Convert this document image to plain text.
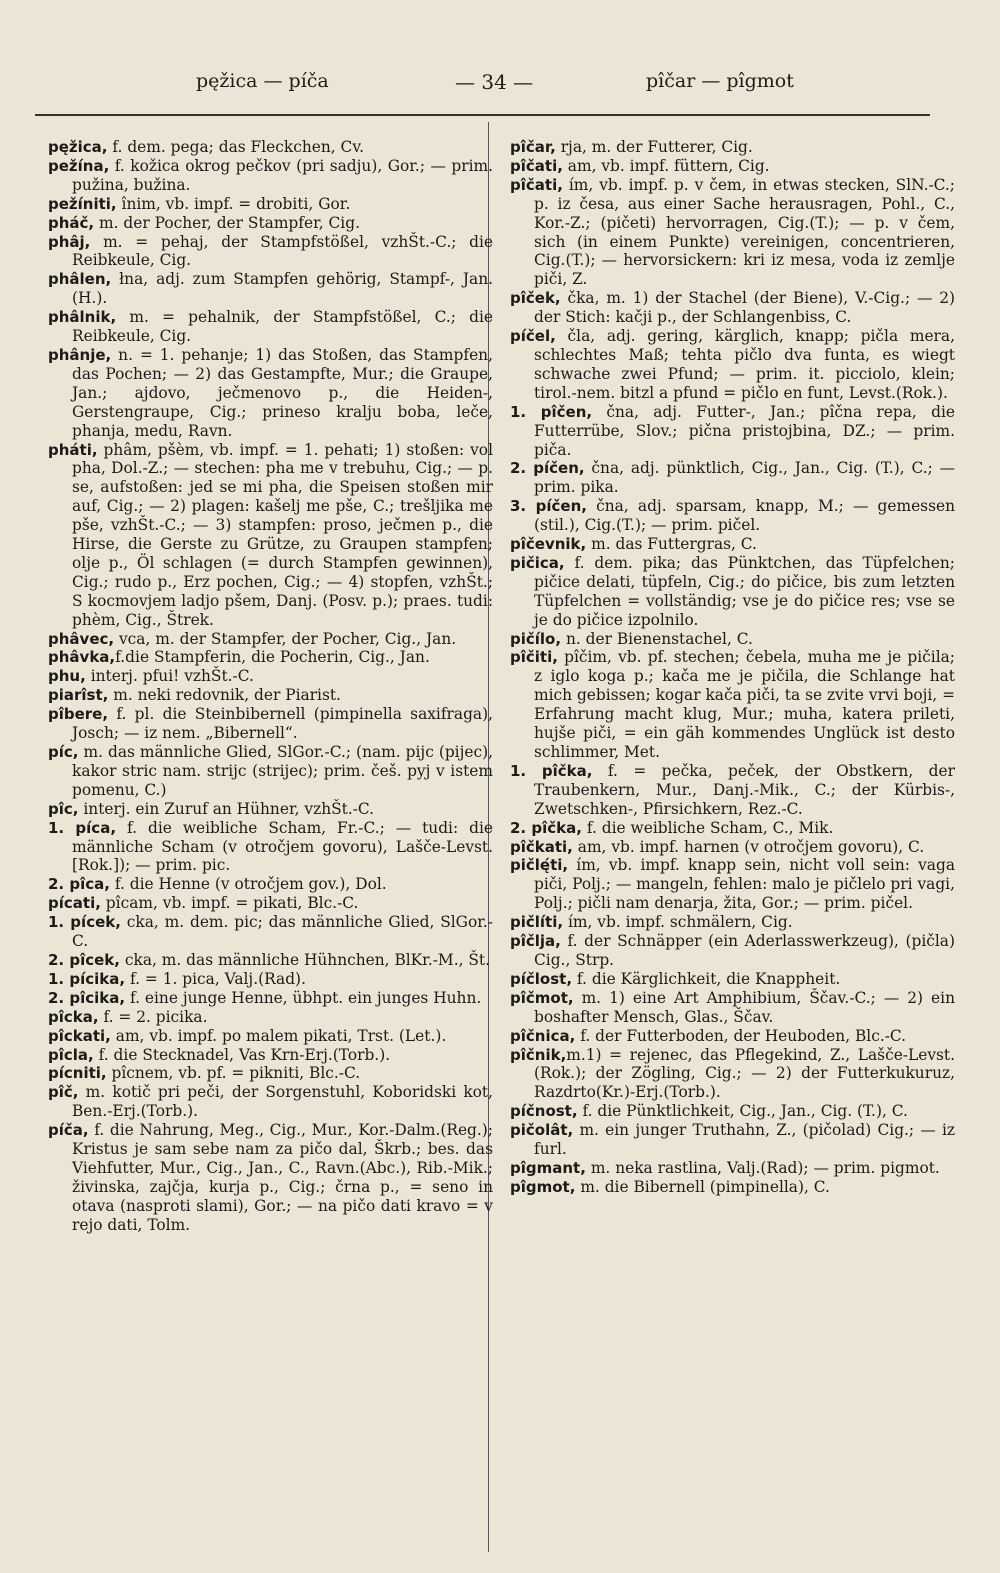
pęžica — píča	— 34 —	pîčar — pîgmot

pęžica, f. dem. pega; das Fleckchen, Cv.

pežína, f. kožica okrog pečkov (pri sadju), Gor.; — prim. pužina, bužina.

pežíniti, înim, vb. impf. = drobiti, Gor.

pháč, m. der Pocher, der Stampfer, Cig.

phâj, m. = pehaj, der Stampfstößel, vzhŠt.-C.; die Reibkeule, Cig.

phâlen, łna, adj. zum Stampfen gehörig, Stampf-, Jan.(H.).

phâlnik, m. = pehalnik, der Stampfstößel, C.; die Reibkeule, Cig.

phânje, n. = 1. pehanje; 1) das Stoßen, das Stampfen, das Pochen; — 2) das Gestampfte, Mur.; die Graupe, Jan.; ajdovo, ječmenovo p., die Heiden-, Gerstengraupe, Cig.; prineso kralju boba, leče, phanja, medu, Ravn.

pháti, phâm, pšèm, vb. impf. = 1. pehati; 1) stoßen: vol pha, Dol.-Z.; — stechen: pha me v trebuhu, Cig.; — p. se, aufstoßen: jed se mi pha, die Speisen stoßen mir auf, Cig.; — 2) plagen: kašelj me pše, C.; trešljika me pše, vzhŠt.-C.; — 3) stampfen: proso, ječmen p., die Hirse, die Gerste zu Grütze, zu Graupen stampfen; olje p., Öl schlagen (= durch Stampfen gewinnen), Cig.; rudo p., Erz pochen, Cig.; — 4) stopfen, vzhŠt.; S kocmovjem ladjo pšem, Danj. (Posv. p.); praes. tudi: phèm, Cig., Štrek.

phâvec, vca, m. der Stampfer, der Pocher, Cig., Jan.

phâvka,f.die Stampferin, die Pocherin, Cig., Jan.

phu, interj. pfui! vzhŠt.-C.

piarîst, m. neki redovnik, der Piarist.

pîbere, f. pl. die Steinbibernell (pimpinella saxifraga), Josch; — iz nem. „Bibernell“.

píc, m. das männliche Glied, SlGor.-C.; (nam. pijc (pijec), kakor stric nam. strijc (strijec); prim. češ. pyj v istem pomenu, C.)

pîc, interj. ein Zuruf an Hühner, vzhŠt.-C.

1. píca, f. die weibliche Scham, Fr.-C.; — tudi: die männliche Scham (v otročjem govoru), Lašče-Levst.[Rok.]); — prim. pic.

2. pîca, f. die Henne (v otročjem gov.), Dol.

pícati, pîcam, vb. impf. = pikati, Blc.-C.

1. pícek, cka, m. dem. pic; das männliche Glied, SlGor.-C.

2. pîcek, cka, m. das männliche Hühnchen, BlKr.-M., Št.

1. pícika, f. = 1. pica, Valj.(Rad).

2. pîcika, f. eine junge Henne, übhpt. ein junges Huhn.

pîcka, f. = 2. picika.

pîckati, am, vb. impf. po malem pikati, Trst. (Let.).

pîcla, f. die Stecknadel, Vas Krn-Erj.(Torb.).

pícniti, pîcnem, vb. pf. = pikniti, Blc.-C.

pîč, m. kotič pri peči, der Sorgenstuhl, Koboridski kot, Ben.-Erj.(Torb.).

píča, f. die Nahrung, Meg., Cig., Mur., Kor.-Dalm.(Reg.); Kristus je sam sebe nam za pičo dal, Škrb.; bes. das Viehfutter, Mur., Cig., Jan., C., Ravn.(Abc.), Rib.-Mik.; živinska, zajčja, kurja p., Cig.; črna p., = seno in otava (nasproti slami), Gor.; — na pičo dati kravo = v rejo dati, Tolm.

pîčar, rja, m. der Futterer, Cig.

pîčati, am, vb. impf. füttern, Cig.

pîčati, ím, vb. impf. p. v čem, in etwas stecken, SlN.-C.; p. iz česa, aus einer Sache herausragen, Pohl., C., Kor.-Z.; (pičeti) hervorragen, Cig.(T.); — p. v čem, sich (in einem Punkte) vereinigen, concentrieren, Cig.(T.); — hervorsickern: kri iz mesa, voda iz zemlje piči, Z.

pîček, čka, m. 1) der Stachel (der Biene), V.-Cig.; — 2) der Stich: kačji p., der Schlangenbiss, C.

píčel, čla, adj. gering, kärglich, knapp; pičla mera, schlechtes Maß; tehta pičlo dva funta, es wiegt schwache zwei Pfund; — prim. it. picciolo, klein; tirol.-nem. bitzl a pfund = pičlo en funt, Levst.(Rok.).

1. pîčen, čna, adj. Futter-, Jan.; pîčna repa, die Futterrübe, Slov.; pična pristojbina, DZ.; — prim. piča.

2. píčen, čna, adj. pünktlich, Cig., Jan., Cig. (T.), C.; — prim. pika.

3. píčen, čna, adj. sparsam, knapp, M.; — gemessen (stil.), Cig.(T.); — prim. pičel.

pîčevnik, m. das Futtergras, C.

pičica, f. dem. pika; das Pünktchen, das Tüpfelchen; pičice delati, tüpfeln, Cig.; do pičice, bis zum letzten Tüpfelchen = vollständig; vse je do pičice res; vse se je do pičice izpolnilo.

pičílo, n. der Bienenstachel, C.

pîčiti, pîčim, vb. pf. stechen; čebela, muha me je pičila; z iglo koga p.; kača me je pičila, die Schlange hat mich gebissen; kogar kača piči, ta se zvite vrvi boji, = Erfahrung macht klug, Mur.; muha, katera prileti, hujše piči, = ein gäh kommendes Unglück ist desto schlimmer, Met.

1. pîčka, f. = pečka, peček, der Obstkern, der Traubenkern, Mur., Danj.-Mik., C.; der Kürbis-, Zwetschken-, Pfirsichkern, Rez.-C.

2. pîčka, f. die weibliche Scham, C., Mik.

pîčkati, am, vb. impf. harnen (v otročjem govoru), C.

pičlę́ti, ím, vb. impf. knapp sein, nicht voll sein: vaga piči, Polj.; — mangeln, fehlen: malo je pičlelo pri vagi, Polj.; pičli nam denarja, žita, Gor.; — prim. pičel.

pičlíti, ím, vb. impf. schmälern, Cig.

pîčlja, f. der Schnäpper (ein Aderlasswerkzeug), (pičla) Cig., Strp.

píčlost, f. die Kärglichkeit, die Knappheit.

pîčmot, m. 1) eine Art Amphibium, Ščav.-C.; — 2) ein boshafter Mensch, Glas., Ščav.

pîčnica, f. der Futterboden, der Heuboden, Blc.-C.

pîčnik,m.1) = rejenec, das Pflegekind, Z., Lašče-Levst.(Rok.); der Zögling, Cig.; — 2) der Futterkukuruz, Razdrto(Kr.)-Erj.(Torb.).

píčnost, f. die Pünktlichkeit, Cig., Jan., Cig. (T.), C.

pičolât, m. ein junger Truthahn, Z., (pičolad) Cig.; — iz furl.

pîgmant, m. neka rastlina, Valj.(Rad); — prim. pigmot.

pîgmot, m. die Bibernell (pimpinella), C.
